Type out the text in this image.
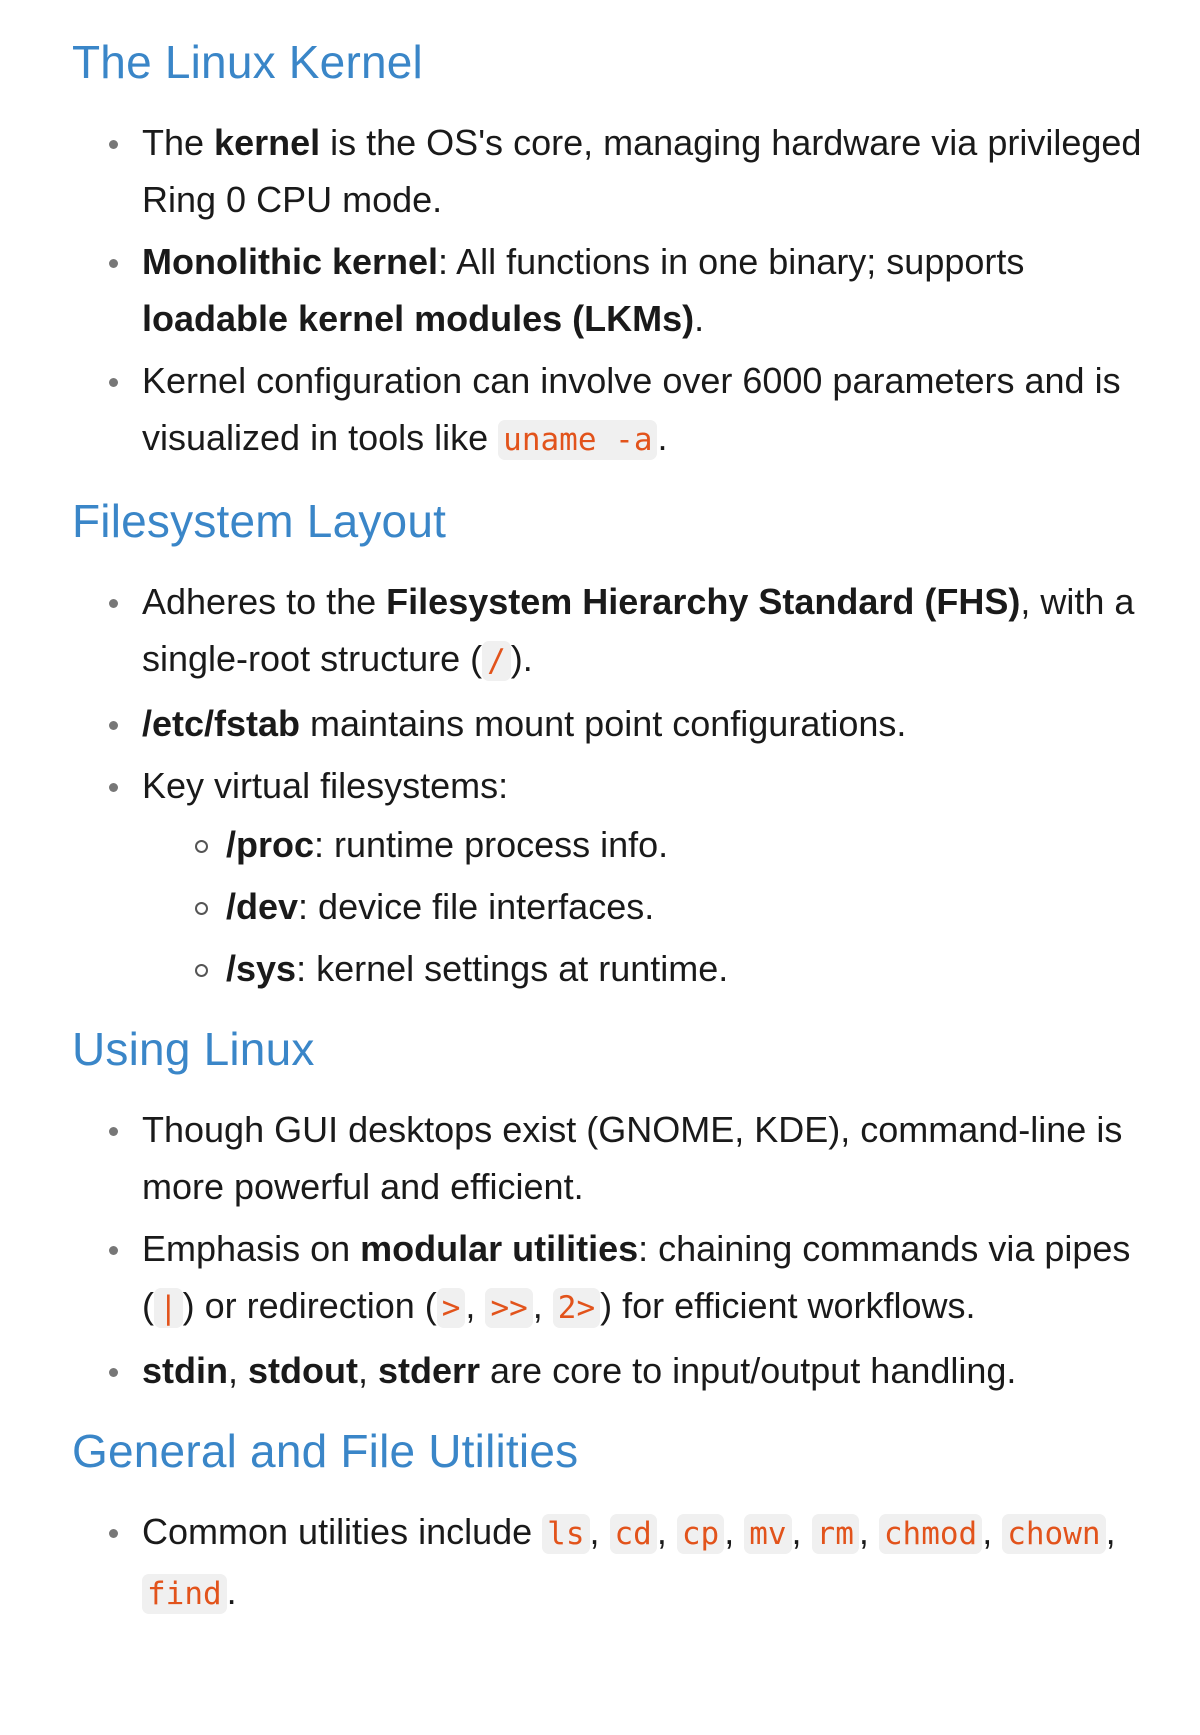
The Linux Kernel
The kernel is the OS's core, managing hardware via privileged Ring 0 CPU mode.
Monolithic kernel: All functions in one binary; supports loadable kernel modules (LKMs).
Kernel configuration can involve over 6000 parameters and is visualized in tools like uname -a .
Filesystem Layout
Adheres to the Filesystem Hierarchy Standard (FHS), with a single-root structure ( / ).
/etc/fstab maintains mount point configurations.
Key virtual filesystems:
/proc: runtime process info.
/dev: device file interfaces.
/sys: kernel settings at runtime.
Using Linux
Though GUI desktops exist (GNOME, KDE), command-line is more powerful and efficient.
Emphasis on modular utilities: chaining commands via pipes ( | ) or redirection ( > , >> , 2> ) for efficient workflows.
stdin, stdout, stderr are core to input/output handling.
General and File Utilities
Common utilities include ls , cd , cp , mv , rm , chmod , chown , find .
